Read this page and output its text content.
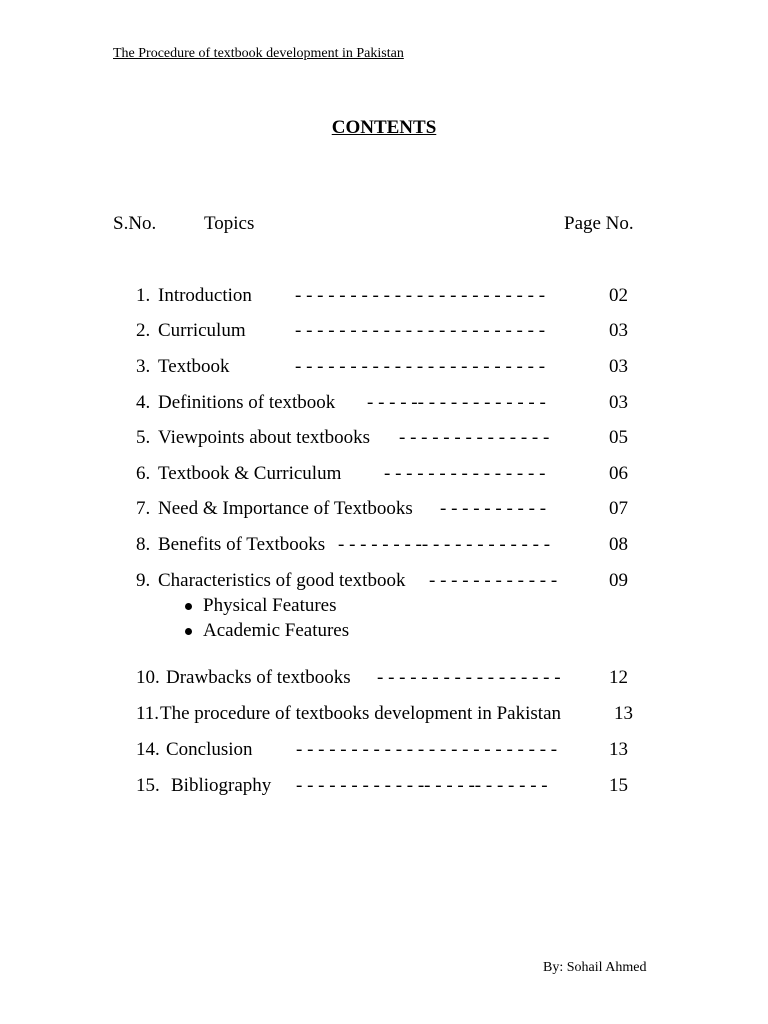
The Procedure of textbook development in Pakistan
CONTENTS
S.No.	Topics	Page No.
1. Introduction - - - - - - - - - - - - - - - - - - - - - - -	02
2. Curriculum	- - - - - - - - - - - - - - - - - - - - - - -	03
3. Textbook	- - - - - - - - - - - - - - - - - - - - - - -	03
4. Definitions of textbook - - - - -- - - - - - - - - - - -	03
5. Viewpoints about textbooks - - - - - - - - - - - - - -	05
6. Textbook & Curriculum - - - - - - - - - - - - - - -	06
7. Need & Importance of Textbooks - - - - - - - - - -	07
8. Benefits of Textbooks - - - - - - - -- - - - - - - - - - - -	08
9. Characteristics of good textbook - - - - - - - - - - - -	09
Physical Features
Academic Features
10. Drawbacks of textbooks - - - - - - - - - - - - - - - - -	12
11. The procedure of textbooks development in Pakistan	13
14. Conclusion - - - - - - - - - - - - - - - - - - - - - - - -	13
15. Bibliography - - - - - - - - - - - -- - - - -- - - - - - -	15
By: Sohail Ahmed
